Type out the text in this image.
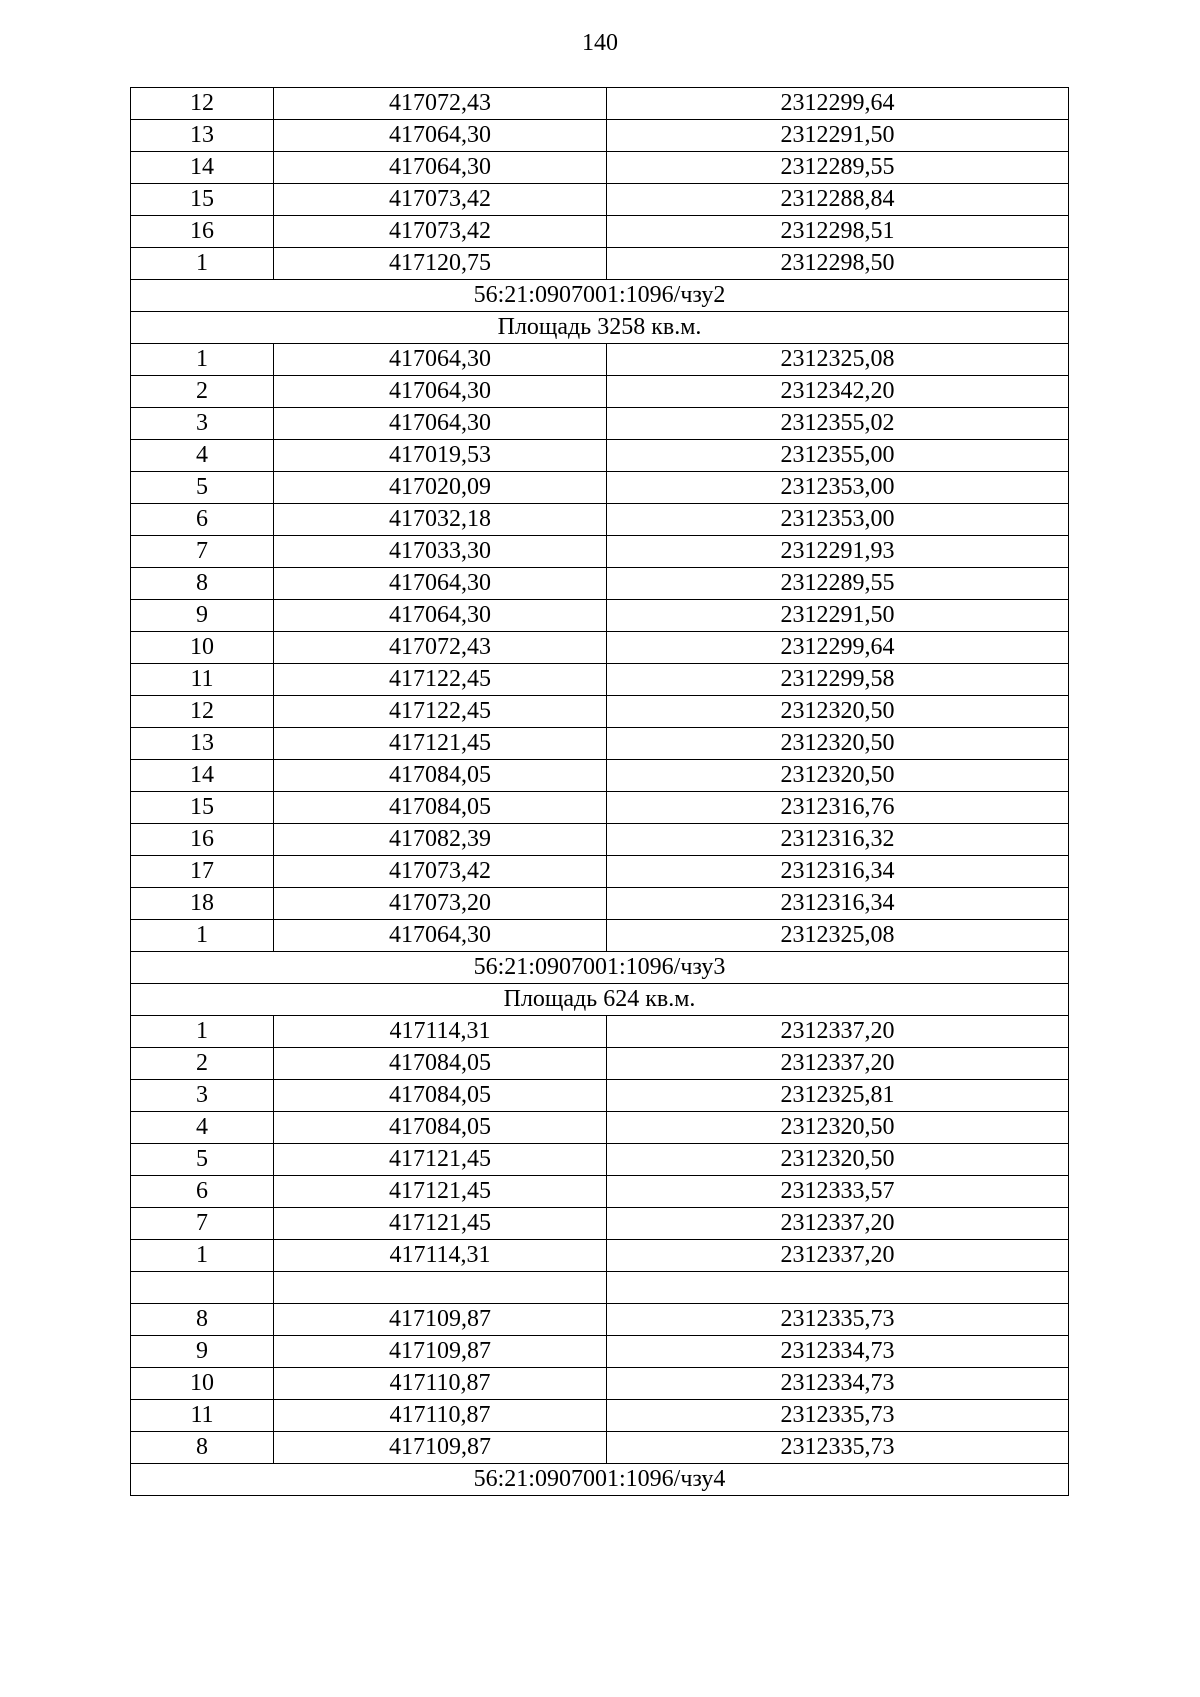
140
12	417072,43	2312299,64
13	417064,30	2312291,50
14	417064,30	2312289,55
15	417073,42	2312288,84
16	417073,42	2312298,51
1	417120,75	2312298,50
56:21:0907001:1096/чзу2		
Площадь 3258 кв.м.		
1	417064,30	2312325,08
2	417064,30	2312342,20
3	417064,30	2312355,02
4	417019,53	2312355,00
5	417020,09	2312353,00
6	417032,18	2312353,00
7	417033,30	2312291,93
8	417064,30	2312289,55
9	417064,30	2312291,50
10	417072,43	2312299,64
11	417122,45	2312299,58
12	417122,45	2312320,50
13	417121,45	2312320,50
14	417084,05	2312320,50
15	417084,05	2312316,76
16	417082,39	2312316,32
17	417073,42	2312316,34
18	417073,20	2312316,34
1	417064,30	2312325,08
56:21:0907001:1096/чзу3		
Площадь 624 кв.м.		
1	417114,31	2312337,20
2	417084,05	2312337,20
3	417084,05	2312325,81
4	417084,05	2312320,50
5	417121,45	2312320,50
6	417121,45	2312333,57
7	417121,45	2312337,20
1	417114,31	2312337,20

8	417109,87	2312335,73
9	417109,87	2312334,73
10	417110,87	2312334,73
11	417110,87	2312335,73
8	417109,87	2312335,73
56:21:0907001:1096/чзу4		
